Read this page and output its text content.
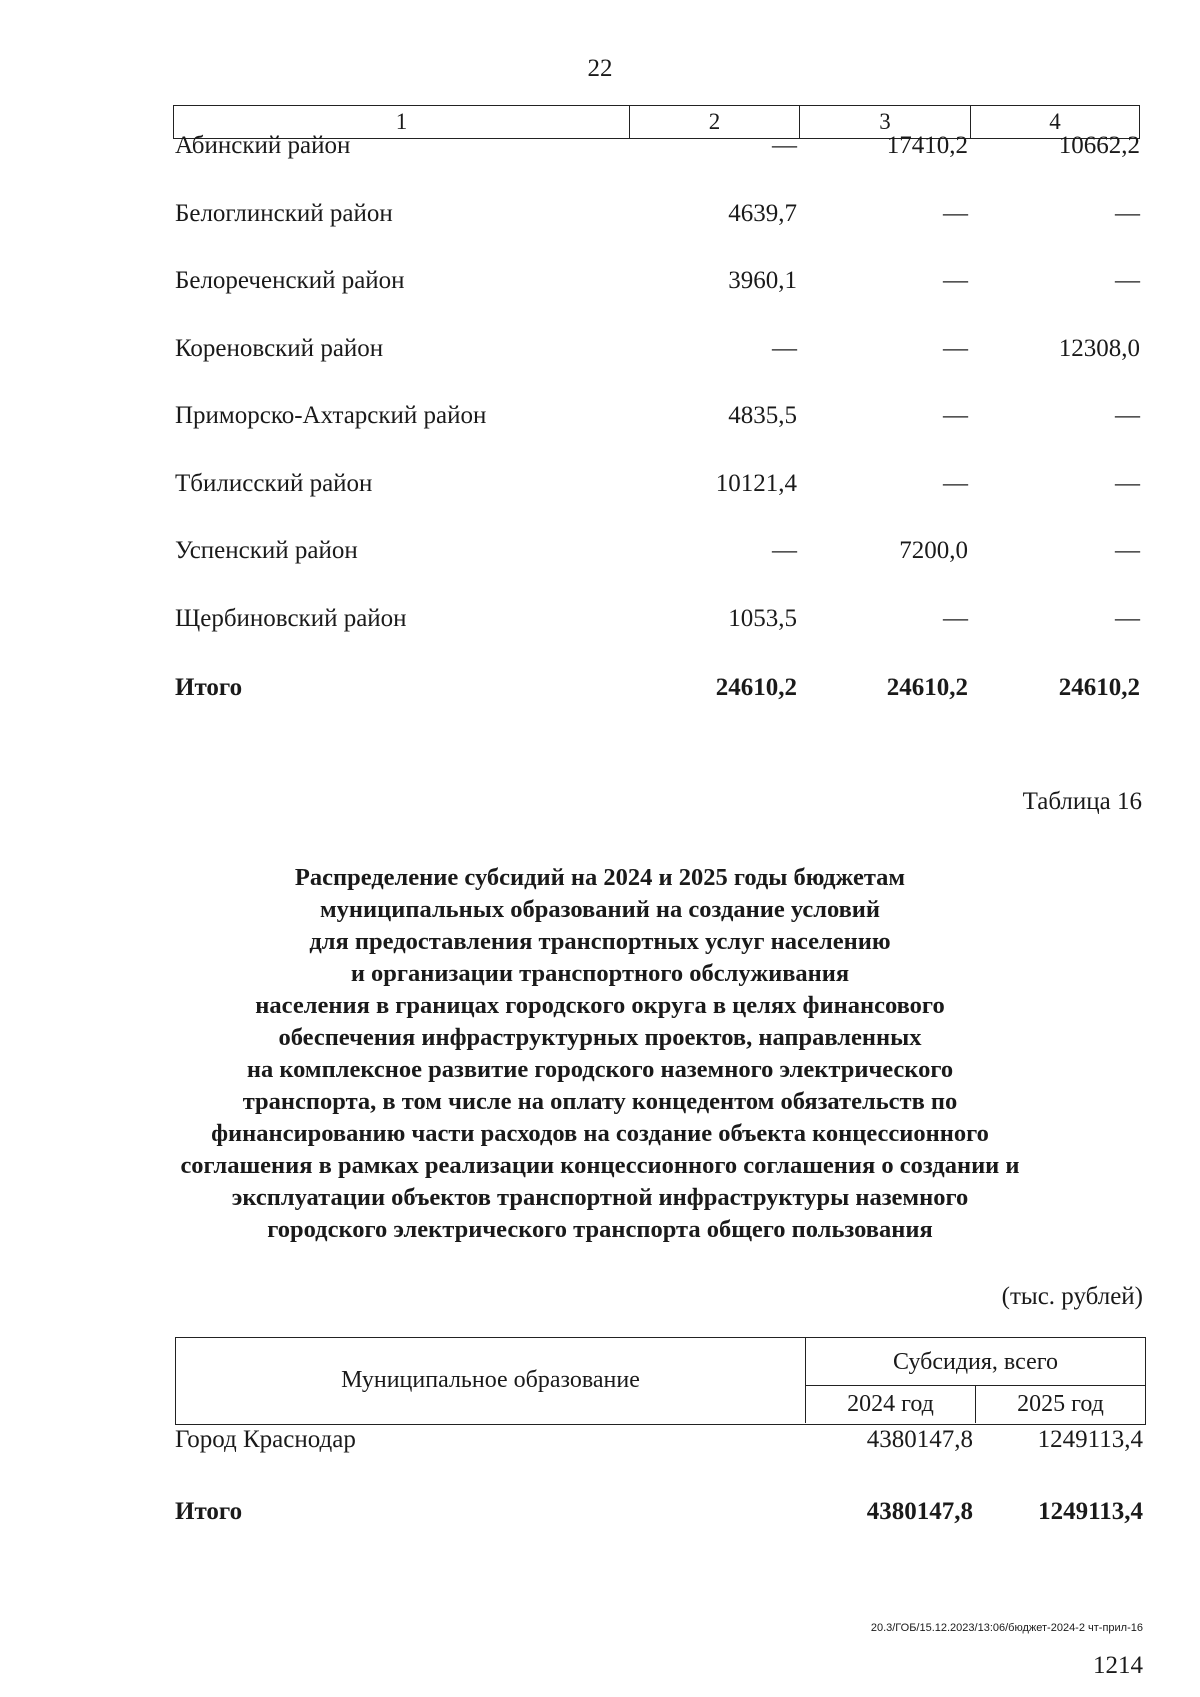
22
1	2	3	4
Абинский район	—	17410,2	10662,2
Белоглинский район	4639,7	—	—
Белореченский район	3960,1	—	—
Кореновский район	—	—	12308,0
Приморско-Ахтарский район	4835,5	—	—
Тбилисский район	10121,4	—	—
Успенский район	—	7200,0	—
Щербиновский район	1053,5	—	—
Итого	24610,2	24610,2	24610,2
Таблица 16
Распределение субсидий на 2024 и 2025 годы бюджетам
муниципальных образований на создание условий
для предоставления транспортных услуг населению
и организации транспортного обслуживания
населения в границах городского округа в целях финансового
обеспечения инфраструктурных проектов, направленных
на комплексное развитие городского наземного электрического
транспорта, в том числе на оплату концедентом обязательств по
финансированию части расходов на создание объекта концессионного
соглашения в рамках реализации концессионного соглашения о создании и
эксплуатации объектов транспортной инфраструктуры наземного
городского электрического транспорта общего пользования
(тыс. рублей)
Муниципальное образование
Субсидия, всего
2024 год	2025 год
Город Краснодар	4380147,8	1249113,4
Итого	4380147,8	1249113,4
20.3/ГОБ/15.12.2023/13:06/бюджет-2024-2 чт-прил-16
1214
